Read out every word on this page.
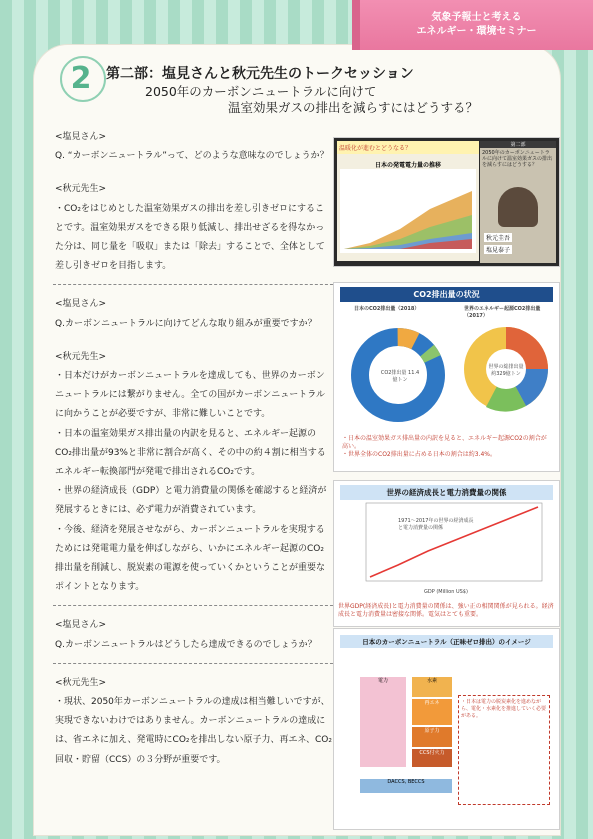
気象予報士と考える
エネルギー・環境セミナー
2	第二部：塩見さんと秋元先生のトークセッション
2050年のカーボンニュートラルに向けて
温室効果ガスの排出を減らすにはどうする？

<塩見さん>

Q. “カーボンニュートラル”って、どのような意味なのでしょうか？

<秋元先生>

・CO₂をはじめとした温室効果ガスの排出を差し引きゼロにすることです。温室効果ガスをできる限り低減し、排出せざるを得なかった分は、同じ量を「吸収」または「除去」することで、全体として差し引きゼロを目指します。

<塩見さん>

Q.カーボンニュートラルに向けてどんな取り組みが重要ですか？

<秋元先生>

・日本だけがカーボンニュートラルを達成しても、世界のカーボンニュートラルには繋がりません。全ての国がカーボンニュートラルに向かうことが必要ですが、非常に難しいことです。
・日本の温室効果ガス排出量の内訳を見ると、エネルギー起源のCO₂排出量が93%と非常に割合が高く、その中の約４割に相当するエネルギー転換部門が発電で排出されるCO₂です。
・世界の経済成長（GDP）と電力消費量の関係を確認すると経済が発展するときには、必ず電力が消費されています。
・今後、経済を発展させながら、カーボンニュートラルを実現するためには発電電力量を伸ばしながら、いかにエネルギー起源のCO₂排出量を削減し、脱炭素の電源を使っていくかということが重要なポイントとなります。

<塩見さん>

Q.カーボンニュートラルはどうしたら達成できるのでしょうか？

<秋元先生>

・現状、2050年カーボンニュートラルの達成は相当難しいですが、実現できないわけではありません。カーボンニュートラルの達成には、省エネに加え、発電時にCO₂を排出しない原子力、再エネ、CO₂ 回収・貯留（CCS）の３分野が重要です。

温暖化が進むとどうなる？
日本の発電電力量の推移
第二部
2050年のカーボンニュートラルに向けて温室効果ガスの排出を減らすにはどうする？
秋元圭吾
塩見泰子
CO2排出量の状況
日本のCO2排出量（2018）	世界のエネルギー起源CO2排出量（2017）
CO2排出量 11.4億トン
世界の総排出量 約329億トン
・日本の温室効果ガス排出量の内訳を見ると、エネルギー起源CO2の割合が高い。
・世界全体のCO2排出量に占める日本の割合は約3.4%。
世界の経済成長と電力消費量の関係
1971～2017年の世界の経済成長と電力消費量の関係
GDP (Million US$)
世界GDP(経済成長)と電力消費量の関係は、強い正の相関関係が見られる。経済成長と電力消費量は密接な関係。電気はとても重要。
日本のカーボンニュートラル（正味ゼロ排出）のイメージ
電力	水素
再エネ
原子力
CCS付火力
DACCS, BECCS
・日本は電力の脱炭素化を進めながら、電化・水素化を推進していく必要がある。
